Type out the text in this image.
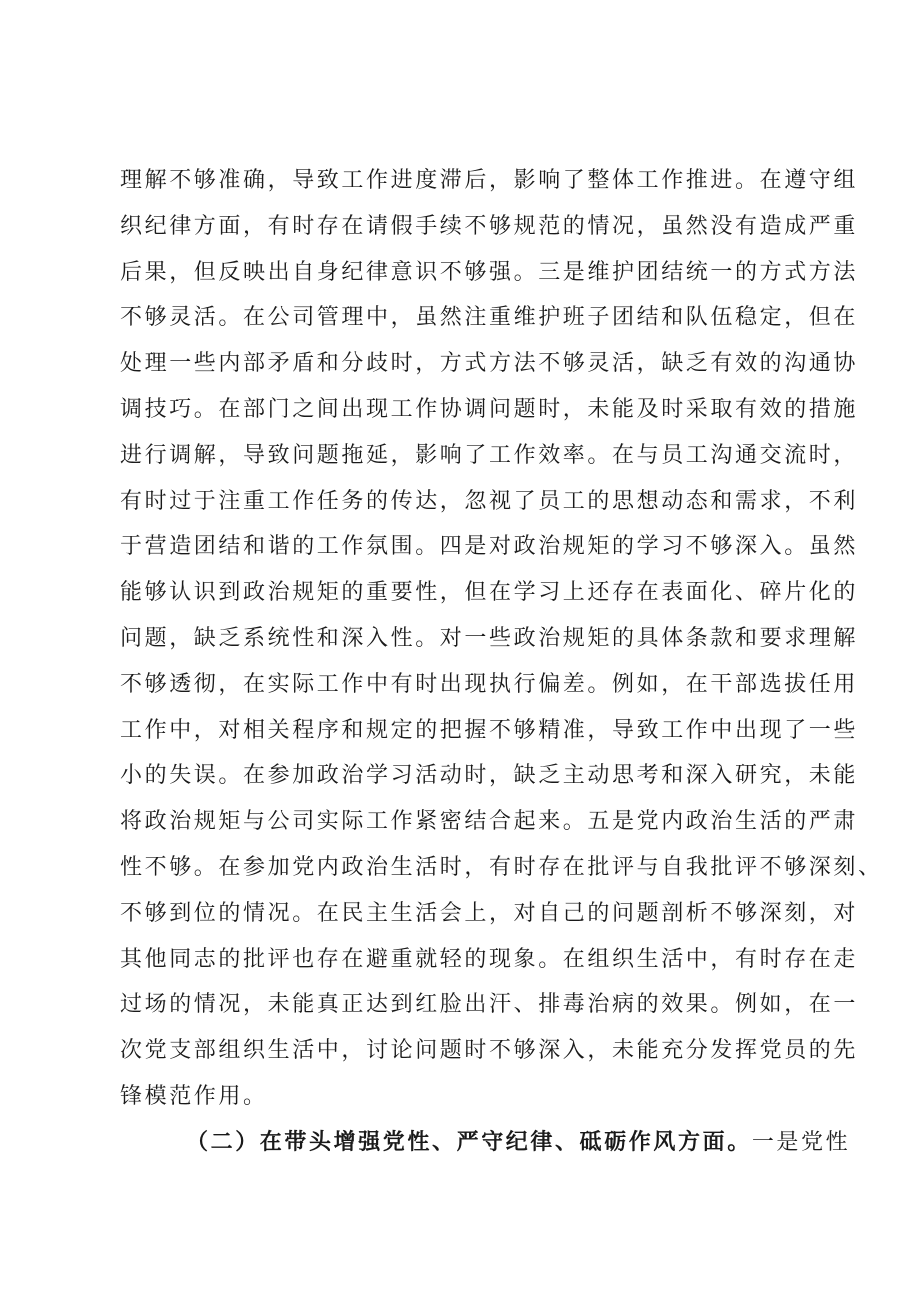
理解不够准确，导致工作进度滞后，影响了整体工作推进。在遵守组
织纪律方面，有时存在请假手续不够规范的情况，虽然没有造成严重
后果，但反映出自身纪律意识不够强。三是维护团结统一的方式方法
不够灵活。在公司管理中，虽然注重维护班子团结和队伍稳定，但在
处理一些内部矛盾和分歧时，方式方法不够灵活，缺乏有效的沟通协
调技巧。在部门之间出现工作协调问题时，未能及时采取有效的措施
进行调解，导致问题拖延，影响了工作效率。在与员工沟通交流时，
有时过于注重工作任务的传达，忽视了员工的思想动态和需求，不利
于营造团结和谐的工作氛围。四是对政治规矩的学习不够深入。虽然
能够认识到政治规矩的重要性，但在学习上还存在表面化、碎片化的
问题，缺乏系统性和深入性。对一些政治规矩的具体条款和要求理解
不够透彻，在实际工作中有时出现执行偏差。例如，在干部选拔任用
工作中，对相关程序和规定的把握不够精准，导致工作中出现了一些
小的失误。在参加政治学习活动时，缺乏主动思考和深入研究，未能
将政治规矩与公司实际工作紧密结合起来。五是党内政治生活的严肃
性不够。在参加党内政治生活时，有时存在批评与自我批评不够深刻、
不够到位的情况。在民主生活会上，对自己的问题剖析不够深刻，对
其他同志的批评也存在避重就轻的现象。在组织生活中，有时存在走
过场的情况，未能真正达到红脸出汗、排毒治病的效果。例如，在一
次党支部组织生活中，讨论问题时不够深入，未能充分发挥党员的先
锋模范作用。
（二）在带头增强党性、严守纪律、砥砺作风方面。一是党性
